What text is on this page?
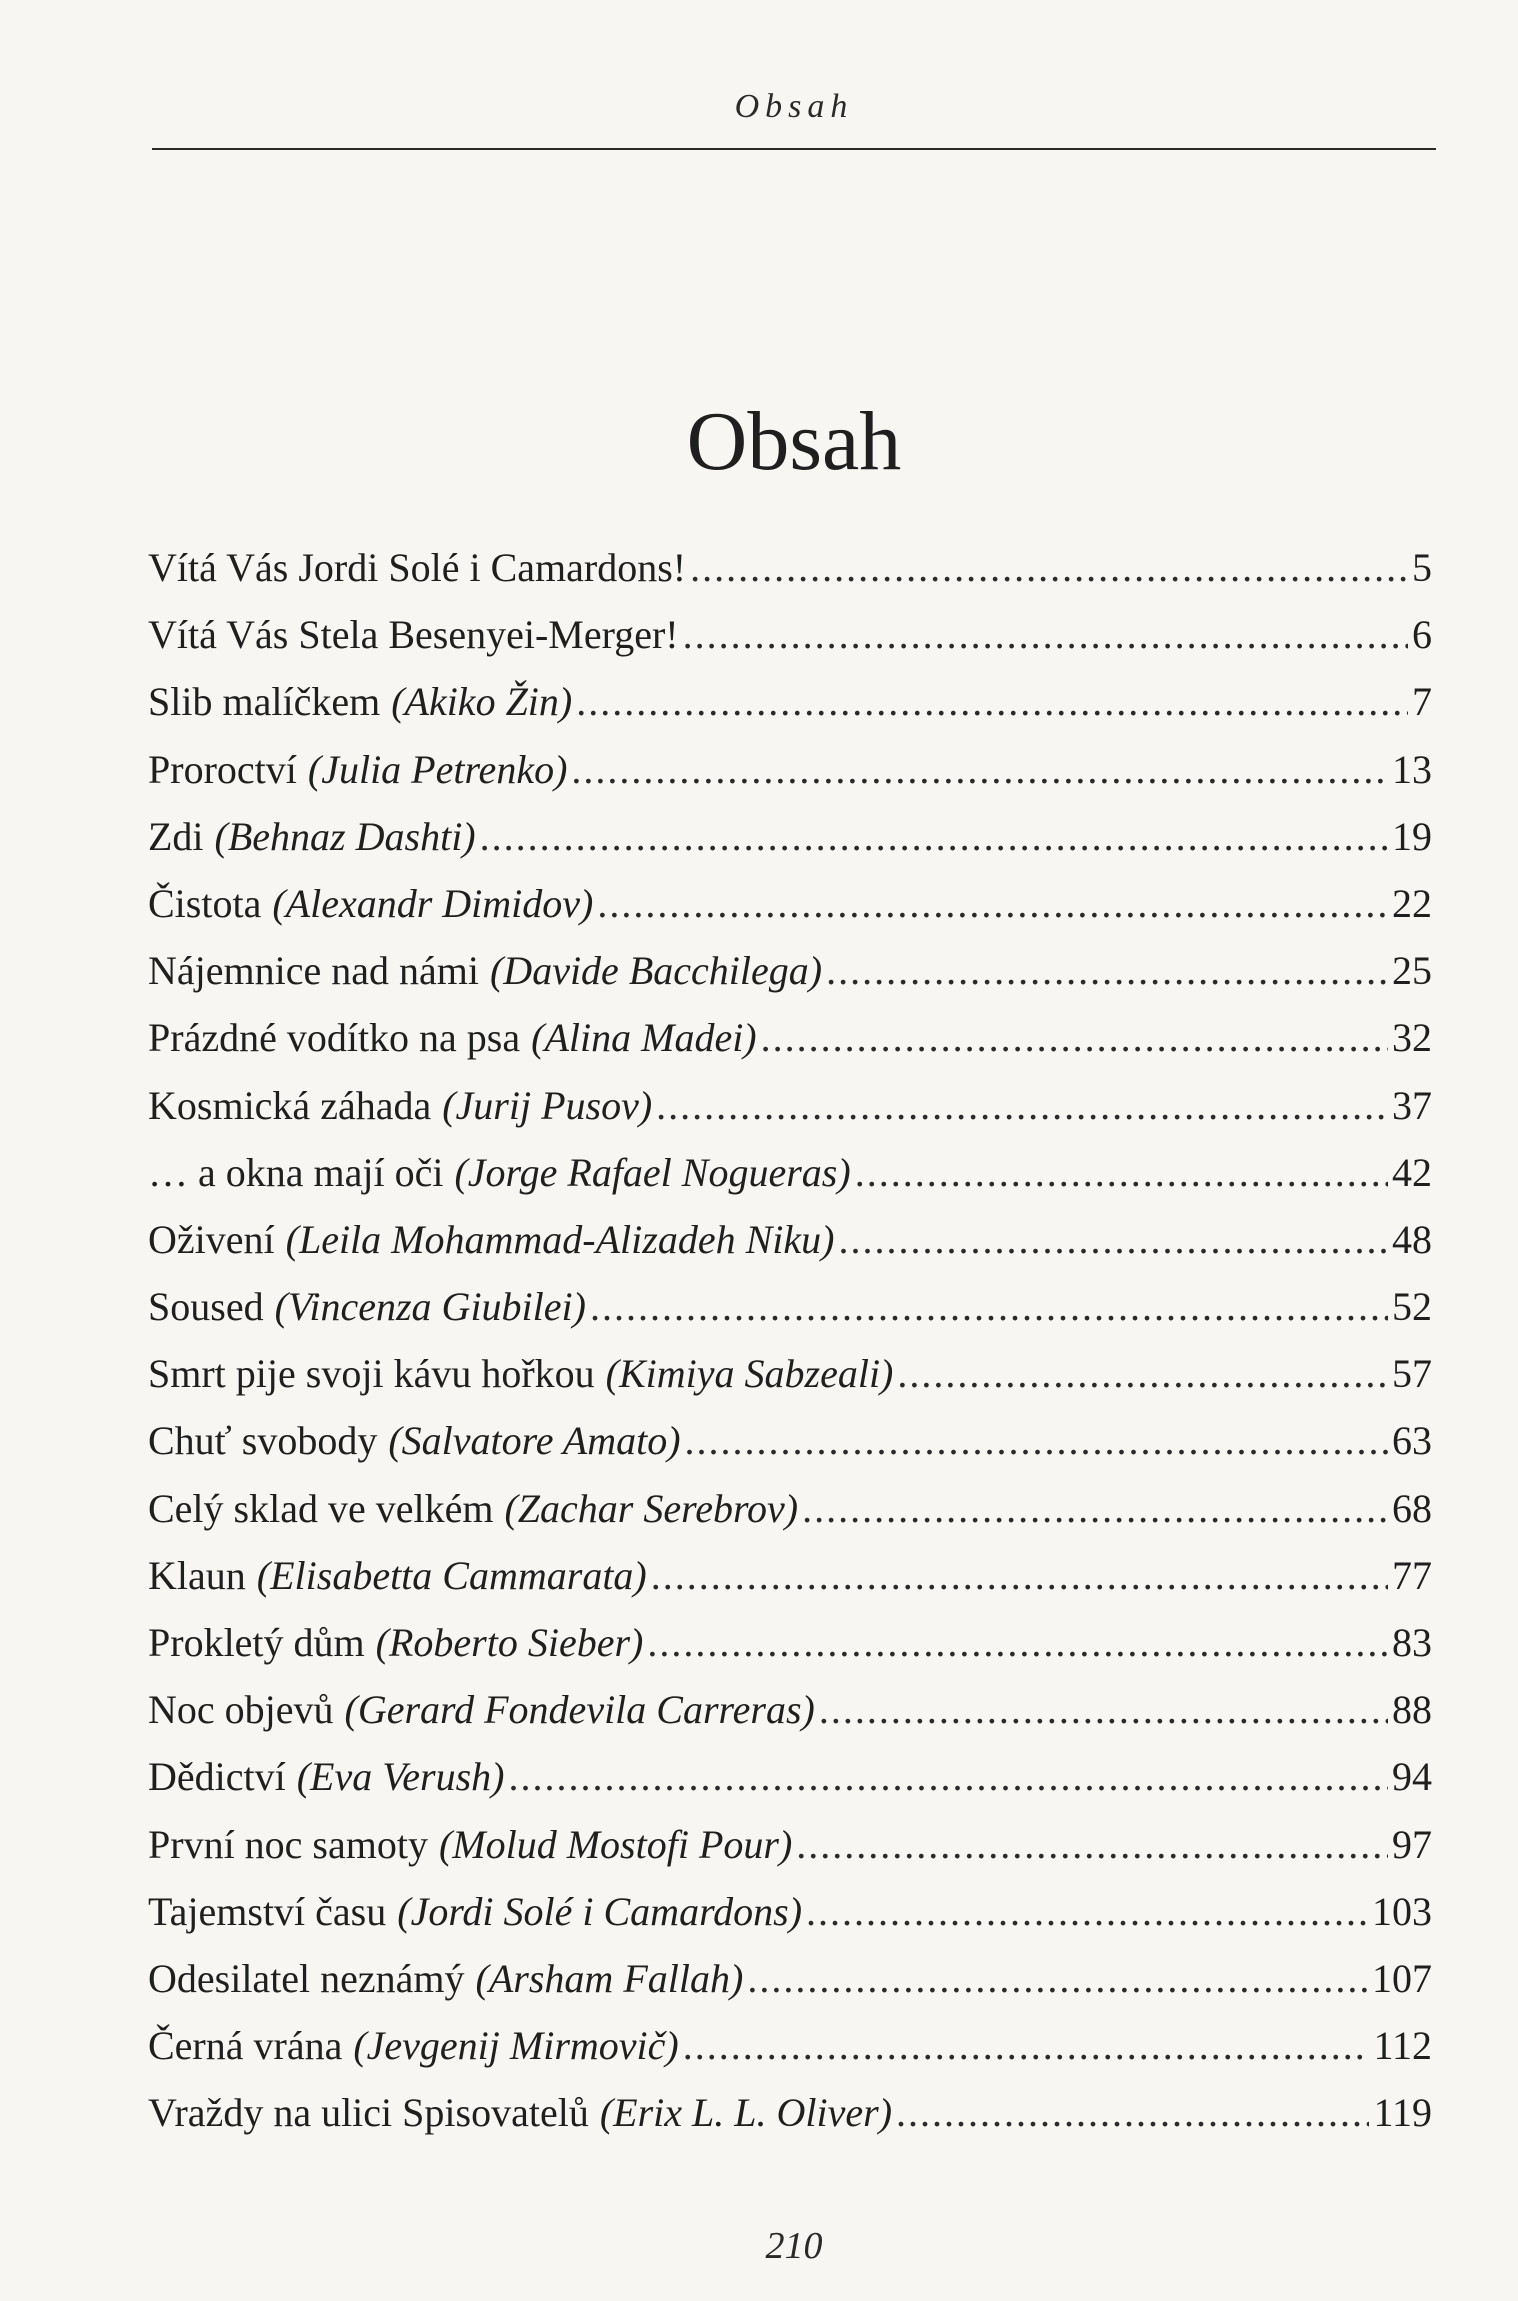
Obsah
Obsah
Vítá Vás Jordi Solé i Camardons! .....	5
Vítá Vás Stela Besenyei-Merger! .....	6
Slib malíčkem (Akiko Žin) .....	7
Proroctví (Julia Petrenko) .....	13
Zdi (Behnaz Dashti) .....	19
Čistota (Alexandr Dimidov) .....	22
Nájemnice nad námi (Davide Bacchilega) .....	25
Prázdné vodítko na psa (Alina Madei) .....	32
Kosmická záhada (Jurij Pusov) .....	37
… a okna mají oči (Jorge Rafael Nogueras) .....	42
Oživení (Leila Mohammad-Alizadeh Niku) .....	48
Soused (Vincenza Giubilei) .....	52
Smrt pije svoji kávu hořkou (Kimiya Sabzeali) .....	57
Chuť svobody (Salvatore Amato) .....	63
Celý sklad ve velkém (Zachar Serebrov) .....	68
Klaun (Elisabetta Cammarata) .....	77
Prokletý dům (Roberto Sieber) .....	83
Noc objevů (Gerard Fondevila Carreras) .....	88
Dědictví (Eva Verush) .....	94
První noc samoty (Molud Mostofi Pour) .....	97
Tajemství času (Jordi Solé i Camardons) .....	103
Odesilatel neznámý (Arsham Fallah) .....	107
Černá vrána (Jevgenij Mirmovič) .....	112
Vraždy na ulici Spisovatelů (Erix L. L. Oliver) .....	119
210
